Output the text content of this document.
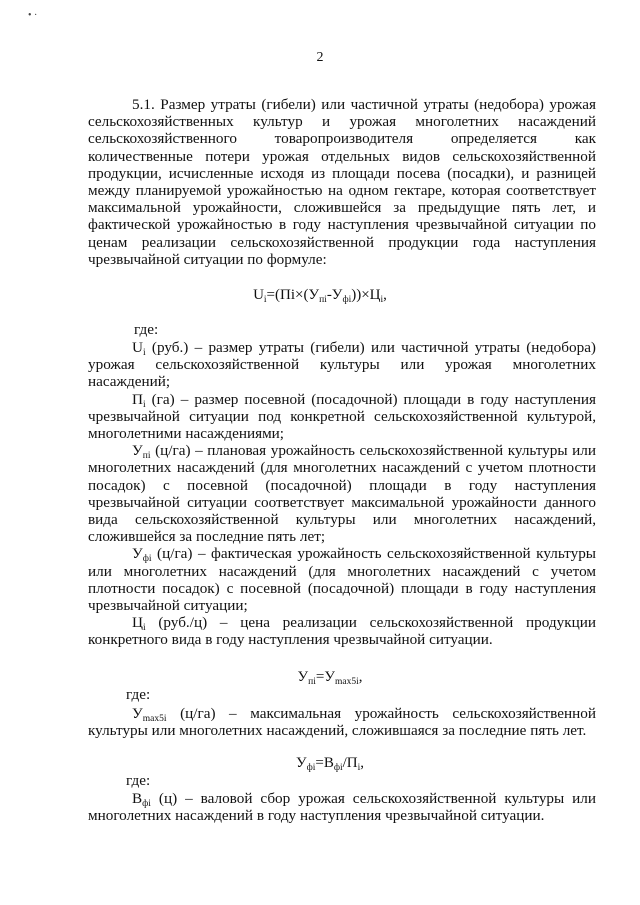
• ·
2

5.1. Размер утраты (гибели) или частичной утраты (недобора) урожая сельскохозяйственных культур и урожая многолетних насаждений сельскохозяйственного товаропроизводителя определяется как количественные потери урожая отдельных видов сельскохозяйственной продукции, исчисленные исходя из площади посева (посадки), и разницей между планируемой урожайностью на одном гектаре, которая соответствует максимальной урожайности, сложившейся за предыдущие пять лет, и фактической урожайностью в году наступления чрезвычайной ситуации по ценам реализации сельскохозяйственной продукции года наступления чрезвычайной ситуации по формуле:

$U_i=(Пi\times(У_{пi}-У_{фi}))\times Ц_i$,
где:

$U_i$ (руб.) – размер утраты (гибели) или частичной утраты (недобора) урожая сельскохозяйственной культуры или урожая многолетних насаждений;

$П_i$ (га) – размер посевной (посадочной) площади в году наступления чрезвычайной ситуации под конкретной сельскохозяйственной культурой, многолетними насаждениями;

$У_{пi}$ (ц/га) – плановая урожайность сельскохозяйственной культуры или многолетних насаждений (для многолетних насаждений с учетом плотности посадок) с посевной (посадочной) площади в году наступления чрезвычайной ситуации соответствует максимальной урожайности данного вида сельскохозяйственной культуры или многолетних насаждений, сложившейся за последние пять лет;

$У_{фi}$ (ц/га) – фактическая урожайность сельскохозяйственной культуры или многолетних насаждений (для многолетних насаждений с учетом плотности посадок) с посевной (посадочной) площади в году наступления чрезвычайной ситуации;

$Ц_i$ (руб./ц) – цена реализации сельскохозяйственной продукции конкретного вида в году наступления чрезвычайной ситуации.

$У_{пi}=У_{max5i}$,
где:

$У_{max5i}$ (ц/га) – максимальная урожайность сельскохозяйственной культуры или многолетних насаждений, сложившаяся за последние пять лет.

$У_{фi}=В_{фi}/П_i$,
где:

$В_{фi}$ (ц) – валовой сбор урожая сельскохозяйственной культуры или многолетних насаждений в году наступления чрезвычайной ситуации.
